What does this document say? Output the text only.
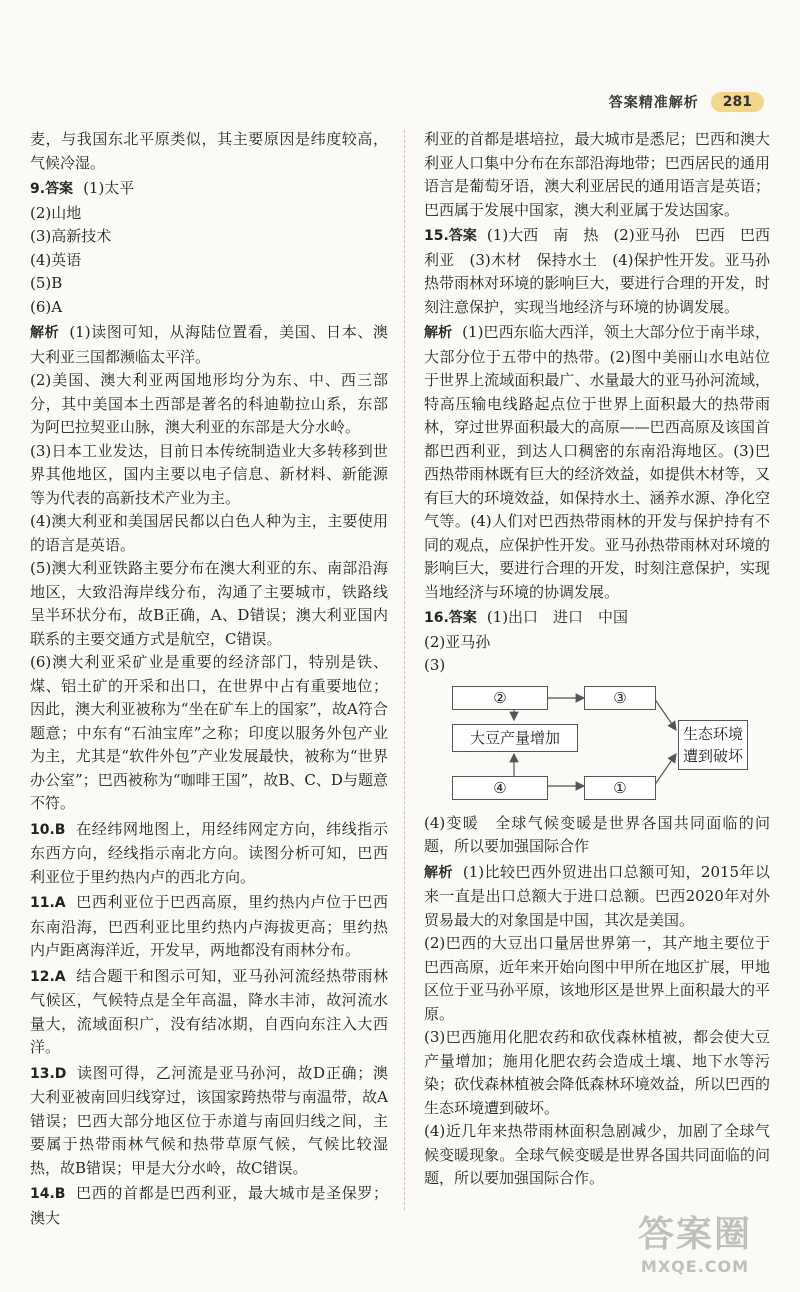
答案精准解析	281

麦，与我国东北平原类似，其主要原因是纬度较高，气候冷湿。

9.答案 (1)太平

(2)山地

(3)高新技术

(4)英语

(5)B

(6)A

解析 (1)读图可知，从海陆位置看，美国、日本、澳大利亚三国都濒临太平洋。

(2)美国、澳大利亚两国地形均分为东、中、西三部分，其中美国本土西部是著名的科迪勒拉山系，东部为阿巴拉契亚山脉，澳大利亚的东部是大分水岭。

(3)日本工业发达，目前日本传统制造业大多转移到世界其他地区，国内主要以电子信息、新材料、新能源等为代表的高新技术产业为主。

(4)澳大利亚和美国居民都以白色人种为主，主要使用的语言是英语。

(5)澳大利亚铁路主要分布在澳大利亚的东、南部沿海地区，大致沿海岸线分布，沟通了主要城市，铁路线呈半环状分布，故B正确，A、D错误；澳大利亚国内联系的主要交通方式是航空，C错误。

(6)澳大利亚采矿业是重要的经济部门，特别是铁、煤、铝土矿的开采和出口，在世界中占有重要地位；因此，澳大利亚被称为“坐在矿车上的国家”，故A符合题意；中东有“石油宝库”之称；印度以服务外包产业为主，尤其是“软件外包”产业发展最快，被称为“世界办公室”；巴西被称为“咖啡王国”，故B、C、D与题意不符。

10.B 在经纬网地图上，用经纬网定方向，纬线指示东西方向，经线指示南北方向。读图分析可知，巴西利亚位于里约热内卢的西北方向。

11.A 巴西利亚位于巴西高原，里约热内卢位于巴西东南沿海，巴西利亚比里约热内卢海拔更高；里约热内卢距离海洋近，开发早，两地都没有雨林分布。

12.A 结合题干和图示可知，亚马孙河流经热带雨林气候区，气候特点是全年高温，降水丰沛，故河流水量大，流域面积广，没有结冰期，自西向东注入大西洋。

13.D 读图可得，乙河流是亚马孙河，故D正确；澳大利亚被南回归线穿过，该国家跨热带与南温带，故A错误；巴西大部分地区位于赤道与南回归线之间，主要属于热带雨林气候和热带草原气候，气候比较湿热，故B错误；甲是大分水岭，故C错误。

14.B 巴西的首都是巴西利亚，最大城市是圣保罗；澳大

利亚的首都是堪培拉，最大城市是悉尼；巴西和澳大利亚人口集中分布在东部沿海地带；巴西居民的通用语言是葡萄牙语，澳大利亚居民的通用语言是英语；巴西属于发展中国家，澳大利亚属于发达国家。

15.答案 (1)大西　南　热　(2)亚马孙　巴西　巴西利亚　(3)木材　保持水土　(4)保护性开发。亚马孙热带雨林对环境的影响巨大，要进行合理的开发，时刻注意保护，实现当地经济与环境的协调发展。

解析 (1)巴西东临大西洋，领土大部分位于南半球，大部分位于五带中的热带。(2)图中美丽山水电站位于世界上流域面积最广、水量最大的亚马孙河流域，特高压输电线路起点位于世界上面积最大的热带雨林，穿过世界面积最大的高原——巴西高原及该国首都巴西利亚，到达人口稠密的东南沿海地区。(3)巴西热带雨林既有巨大的经济效益，如提供木材等，又有巨大的环境效益，如保持水土、涵养水源、净化空气等。(4)人们对巴西热带雨林的开发与保护持有不同的观点，应保护性开发。亚马孙热带雨林对环境的影响巨大，要进行合理的开发，时刻注意保护，实现当地经济与环境的协调发展。

16.答案 (1)出口　进口　中国

(2)亚马孙

(3)

②	③
大豆产量增加
④	①
生态环境遭到破坏

(4)变暖　全球气候变暖是世界各国共同面临的问题，所以要加强国际合作

解析 (1)比较巴西外贸进出口总额可知，2015年以来一直是出口总额大于进口总额。巴西2020年对外贸易最大的对象国是中国，其次是美国。

(2)巴西的大豆出口量居世界第一，其产地主要位于巴西高原，近年来开始向图中甲所在地区扩展，甲地区位于亚马孙平原，该地形区是世界上面积最大的平原。

(3)巴西施用化肥农药和砍伐森林植被，都会使大豆产量增加；施用化肥农药会造成土壤、地下水等污染；砍伐森林植被会降低森林环境效益，所以巴西的生态环境遭到破坏。

(4)近几年来热带雨林面积急剧减少，加剧了全球气候变暖现象。全球气候变暖是世界各国共同面临的问题，所以要加强国际合作。

答案圈
MXQE.COM
